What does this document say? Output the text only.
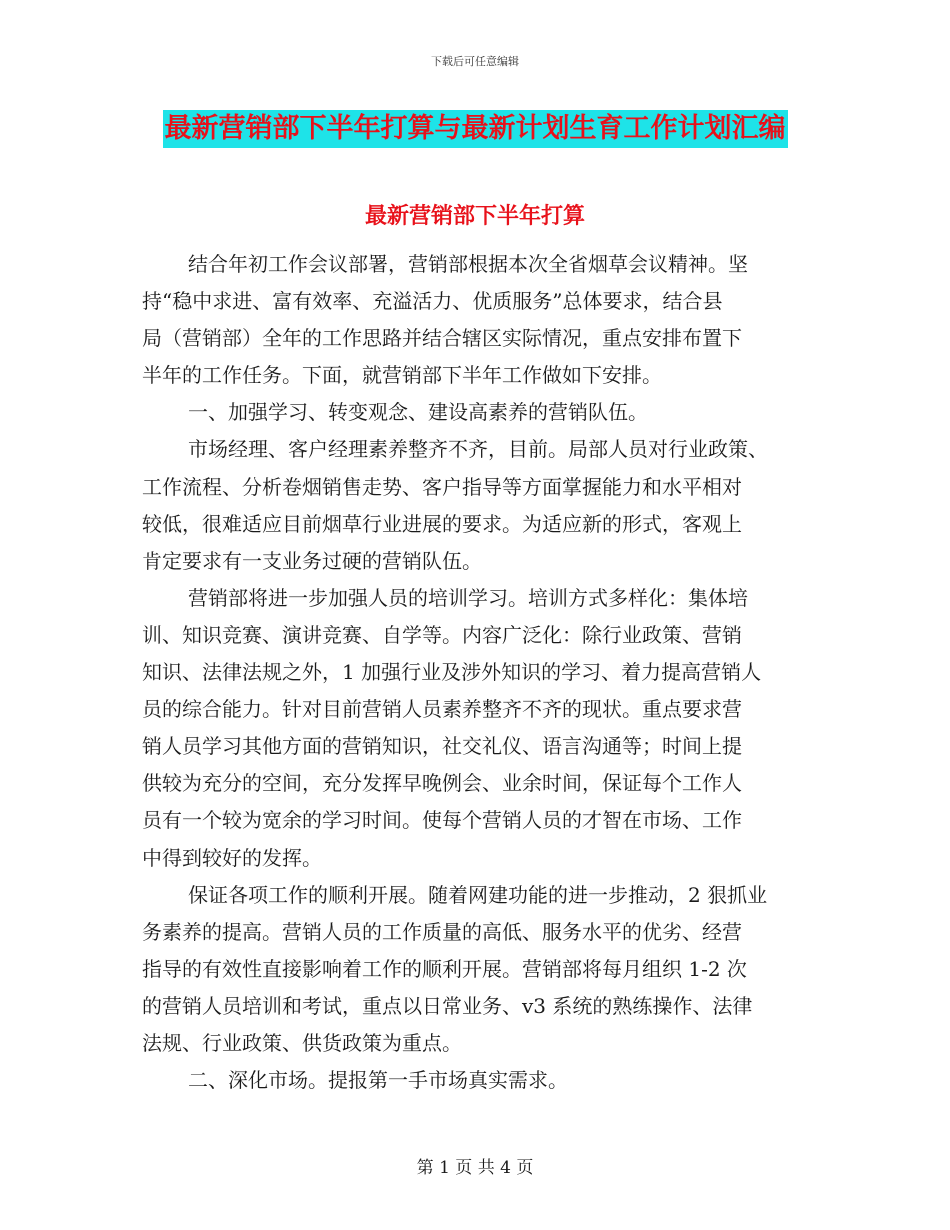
下载后可任意编辑
最新营销部下半年打算与最新计划生育工作计划汇编
最新营销部下半年打算
结合年初工作会议部署，营销部根据本次全省烟草会议精神。坚
持“稳中求进、富有效率、充溢活力、优质服务”总体要求，结合县
局（营销部）全年的工作思路并结合辖区实际情况，重点安排布置下
半年的工作任务。下面，就营销部下半年工作做如下安排。
一、加强学习、转变观念、建设高素养的营销队伍。
市场经理、客户经理素养整齐不齐，目前。局部人员对行业政策、
工作流程、分析卷烟销售走势、客户指导等方面掌握能力和水平相对
较低，很难适应目前烟草行业进展的要求。为适应新的形式，客观上
肯定要求有一支业务过硬的营销队伍。
营销部将进一步加强人员的培训学习。培训方式多样化：集体培
训、知识竞赛、演讲竞赛、自学等。内容广泛化：除行业政策、营销
知识、法律法规之外，1 加强行业及涉外知识的学习、着力提高营销人
员的综合能力。针对目前营销人员素养整齐不齐的现状。重点要求营
销人员学习其他方面的营销知识，社交礼仪、语言沟通等；时间上提
供较为充分的空间，充分发挥早晚例会、业余时间，保证每个工作人
员有一个较为宽余的学习时间。使每个营销人员的才智在市场、工作
中得到较好的发挥。
保证各项工作的顺利开展。随着网建功能的进一步推动，2 狠抓业
务素养的提高。营销人员的工作质量的高低、服务水平的优劣、经营
指导的有效性直接影响着工作的顺利开展。营销部将每月组织 1-2 次
的营销人员培训和考试，重点以日常业务、v3 系统的熟练操作、法律
法规、行业政策、供货政策为重点。
二、深化市场。提报第一手市场真实需求。
第 1 页 共 4 页
